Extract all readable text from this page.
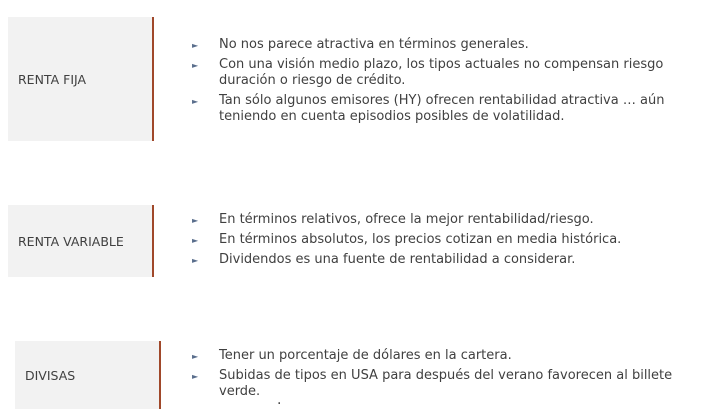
RENTA FIJA
► No nos parece atractiva en términos generales.
► Con una visión medio plazo, los tipos actuales no compensan riesgo duración o riesgo de crédito.
► Tan sólo algunos emisores (HY) ofrecen rentabilidad atractiva … aún teniendo en cuenta episodios posibles de volatilidad.
RENTA VARIABLE
► En términos relativos, ofrece la mejor rentabilidad/riesgo.
► En términos absolutos, los precios cotizan en media histórica.
► Dividendos es una fuente de rentabilidad a considerar.
DIVISAS
► Tener un porcentaje de dólares en la cartera.
► Subidas de tipos en USA para después del verano favorecen al billete verde.
.
